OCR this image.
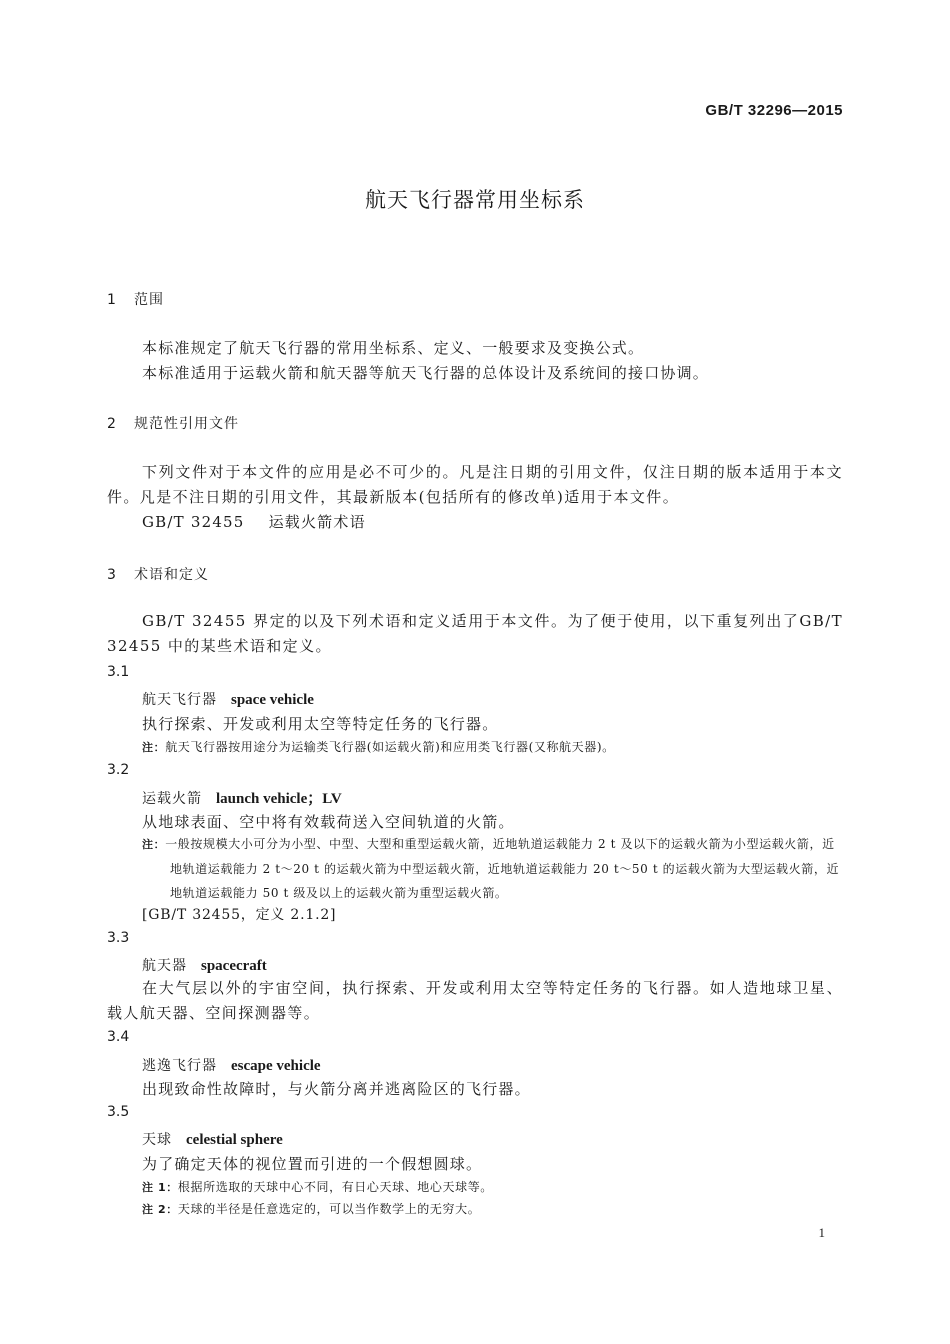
GB/T 32296—2015
航天飞行器常用坐标系
1 范围
本标准规定了航天飞行器的常用坐标系、定义、一般要求及变换公式。
本标准适用于运载火箭和航天器等航天飞行器的总体设计及系统间的接口协调。
2 规范性引用文件
下列文件对于本文件的应用是必不可少的。凡是注日期的引用文件，仅注日期的版本适用于本文件。凡是不注日期的引用文件，其最新版本(包括所有的修改单)适用于本文件。
GB/T 32455 运载火箭术语
3 术语和定义
GB/T 32455 界定的以及下列术语和定义适用于本文件。为了便于使用，以下重复列出了GB/T 32455 中的某些术语和定义。
3.1
航天飞行器 space vehicle
执行探索、开发或利用太空等特定任务的飞行器。
注：航天飞行器按用途分为运输类飞行器(如运载火箭)和应用类飞行器(又称航天器)。
3.2
运载火箭 launch vehicle；LV
从地球表面、空中将有效载荷送入空间轨道的火箭。
注：一般按规模大小可分为小型、中型、大型和重型运载火箭，近地轨道运载能力 2 t 及以下的运载火箭为小型运载火箭，近地轨道运载能力 2 t～20 t 的运载火箭为中型运载火箭，近地轨道运载能力 20 t～50 t 的运载火箭为大型运载火箭，近地轨道运载能力 50 t 级及以上的运载火箭为重型运载火箭。
[GB/T 32455，定义 2.1.2]
3.3
航天器 spacecraft
在大气层以外的宇宙空间，执行探索、开发或利用太空等特定任务的飞行器。如人造地球卫星、载人航天器、空间探测器等。
3.4
逃逸飞行器 escape vehicle
出现致命性故障时，与火箭分离并逃离险区的飞行器。
3.5
天球 celestial sphere
为了确定天体的视位置而引进的一个假想圆球。
注 1：根据所选取的天球中心不同，有日心天球、地心天球等。
注 2：天球的半径是任意选定的，可以当作数学上的无穷大。
1
